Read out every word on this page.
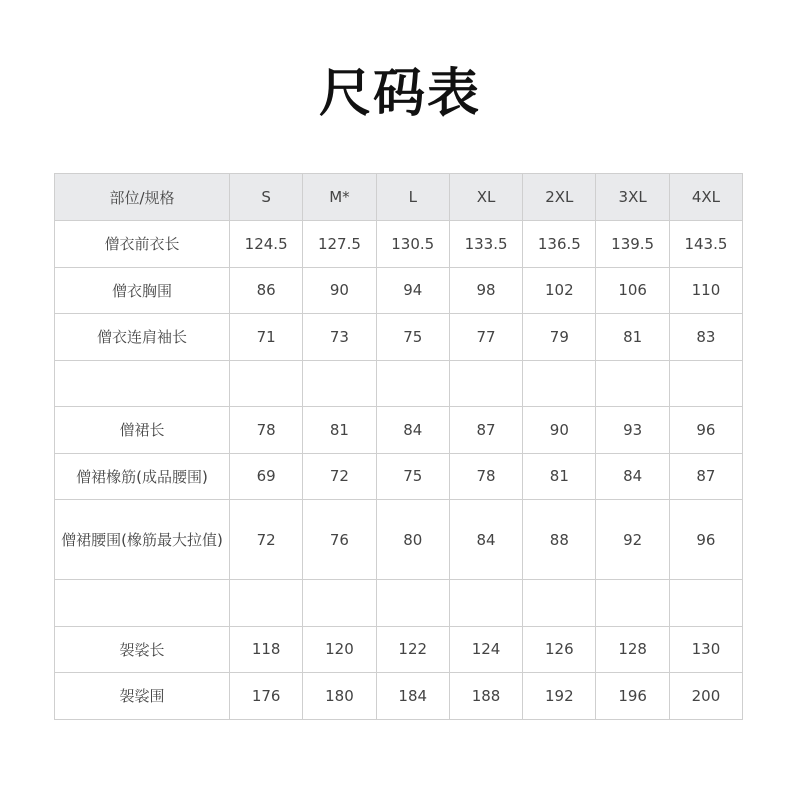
尺码表
部位/规格	S	M*	L	XL	2XL	3XL	4XL
僧衣前衣长	124.5	127.5	130.5	133.5	136.5	139.5	143.5
僧衣胸围	86	90	94	98	102	106	110
僧衣连肩袖长	71	73	75	77	79	81	83

僧裙长	78	81	84	87	90	93	96
僧裙橡筋(成品腰围)	69	72	75	78	81	84	87
僧裙腰围(橡筋最大拉值)	72	76	80	84	88	92	96

袈裟长	118	120	122	124	126	128	130
袈裟围	176	180	184	188	192	196	200
